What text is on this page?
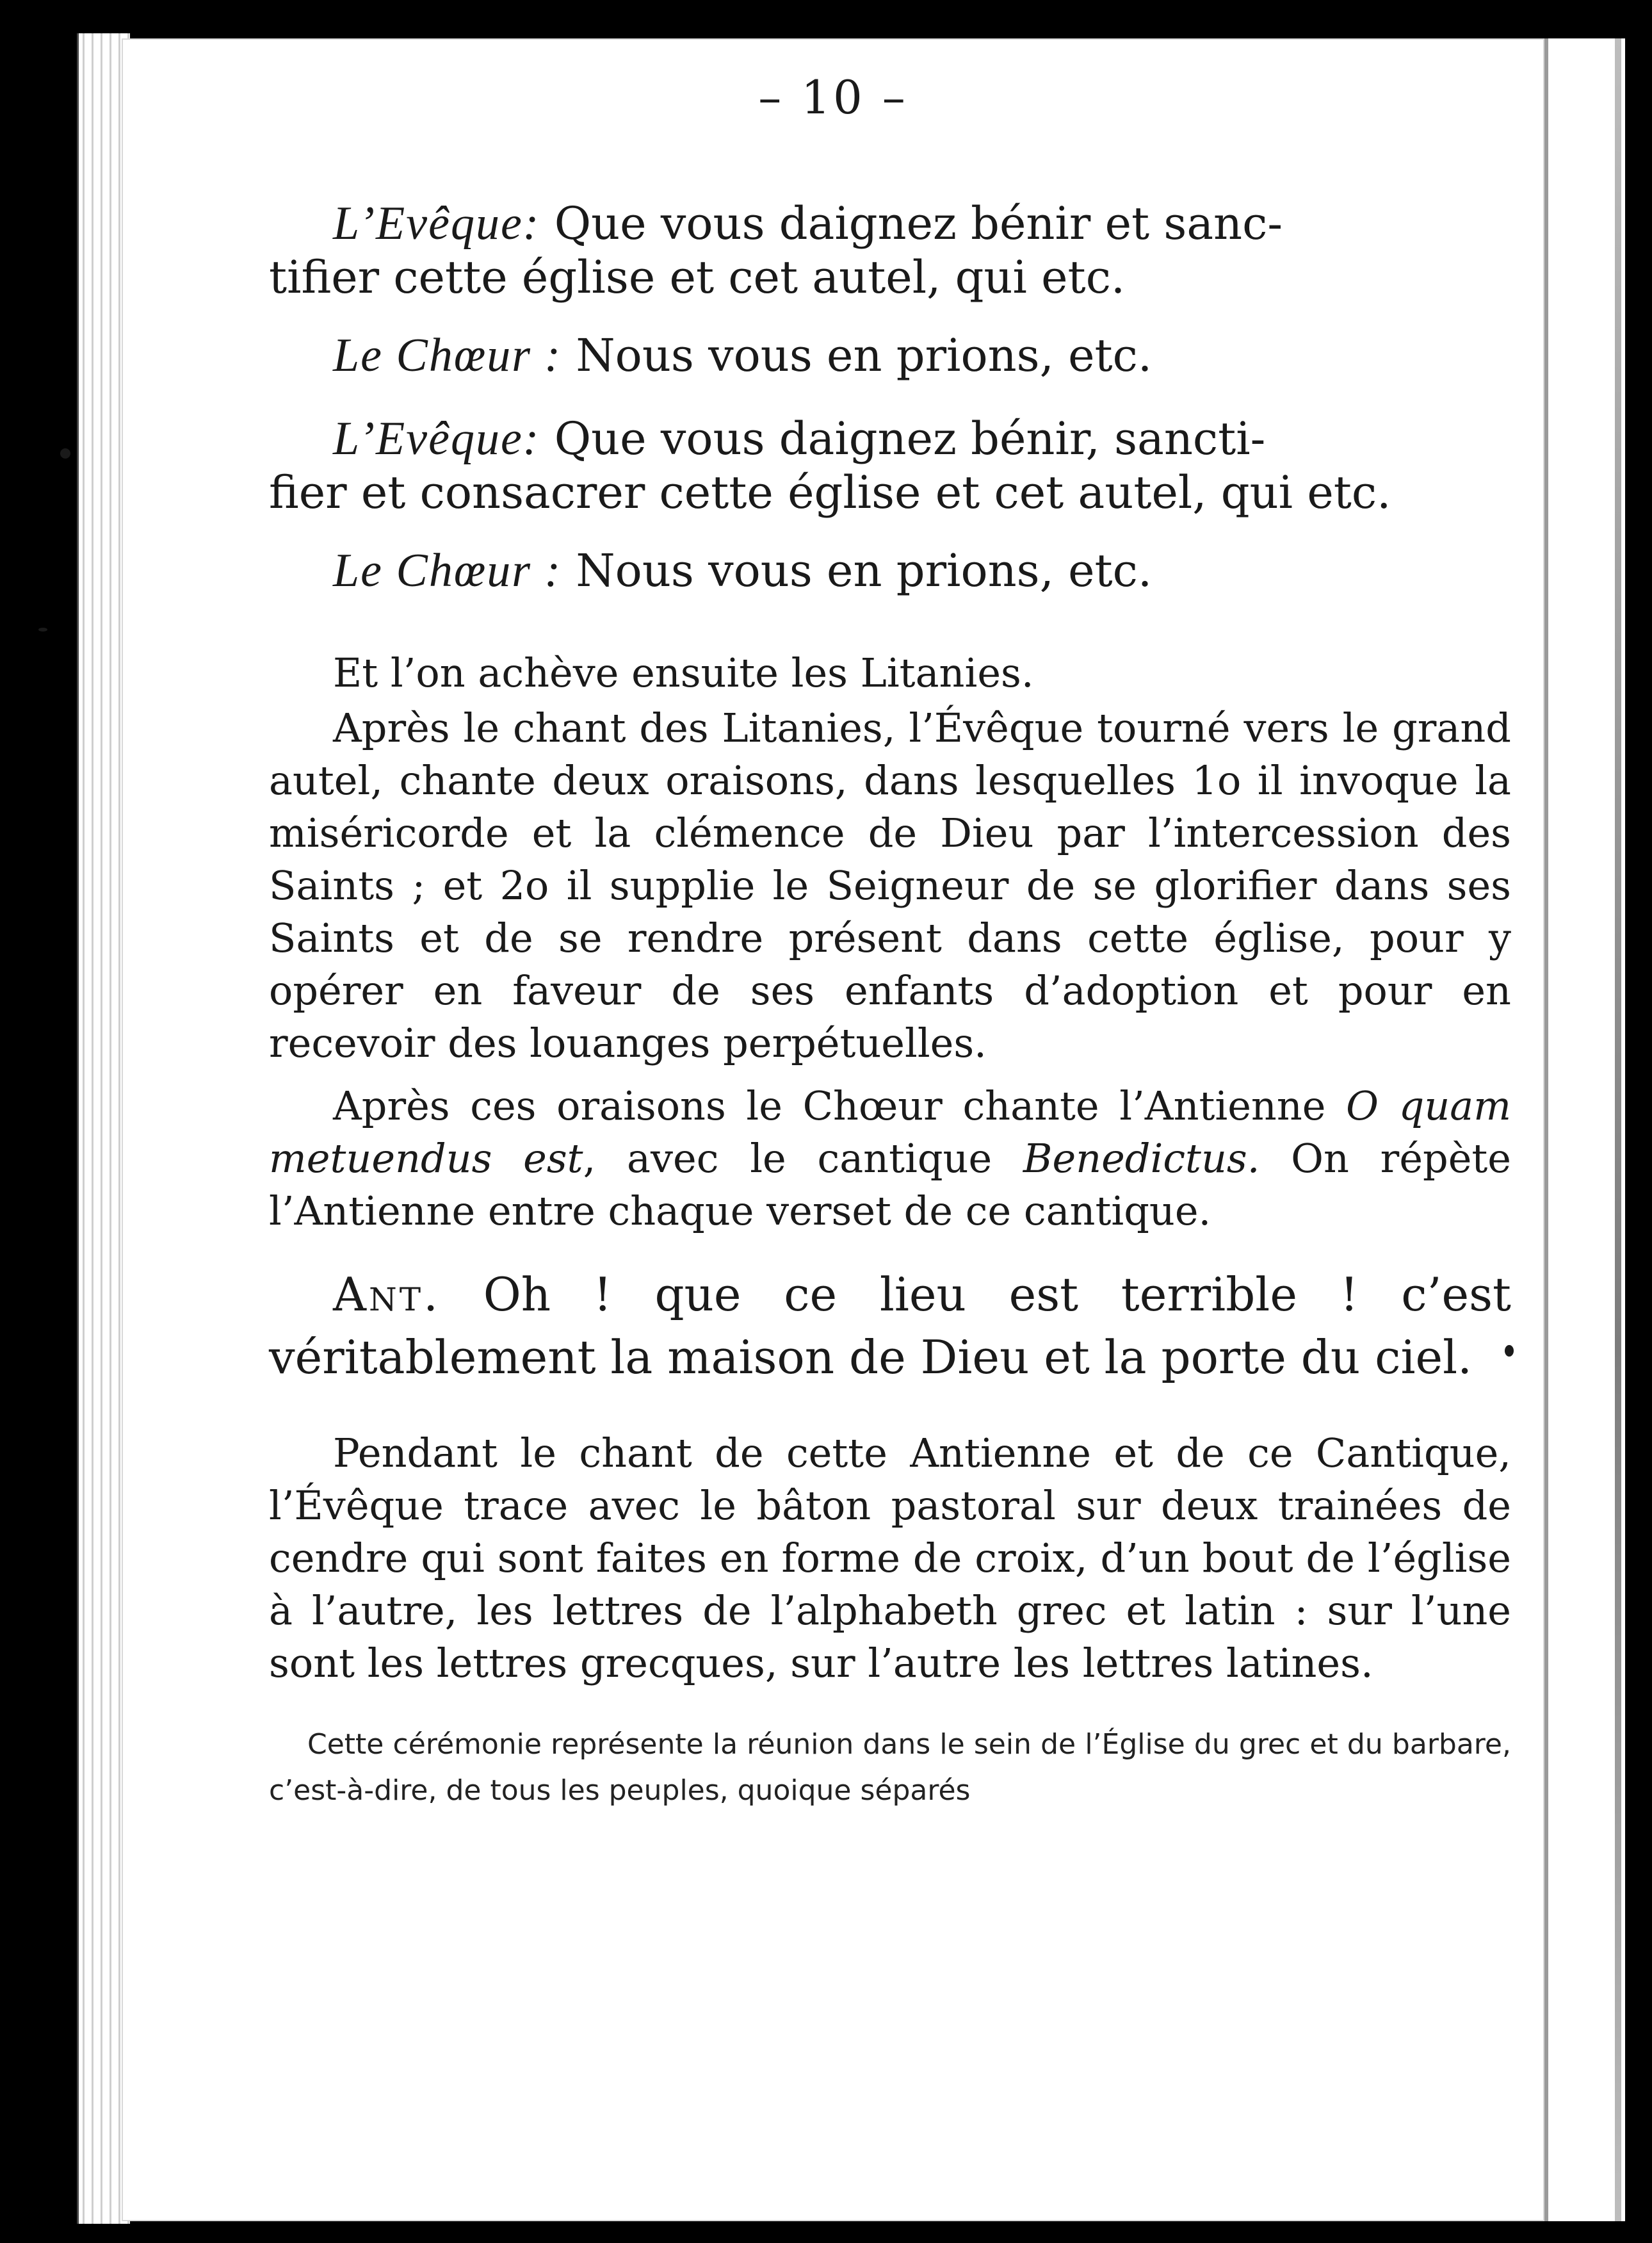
– 10 –
L’Evêque: Que vous daignez bénir et sanc-
tifier cette église et cet autel, qui etc.
Le Chœur : Nous vous en prions, etc.
L’Evêque: Que vous daignez bénir, sancti-
fier et consacrer cette église et cet autel, qui etc.
Le Chœur : Nous vous en prions, etc.

Et l’on achève ensuite les Litanies.

Après le chant des Litanies, l’Évêque tourné vers le grand autel, chante deux oraisons, dans lesquelles 1o il invoque la miséricorde et la clémence de Dieu par l’intercession des Saints ; et 2o il supplie le Seigneur de se glorifier dans ses Saints et de se rendre présent dans cette église, pour y opérer en faveur de ses enfants d’adoption et pour en recevoir des louanges perpétuelles.

Après ces oraisons le Chœur chante l’Antienne O quam metuendus est, avec le cantique Benedictus. On répète l’Antienne entre chaque verset de ce cantique.

Ant. Oh ! que ce lieu est terrible ! c’est véritablement la maison de Dieu et la porte du ciel.

Pendant le chant de cette Antienne et de ce Cantique, l’Évêque trace avec le bâton pastoral sur deux trainées de cendre qui sont faites en forme de croix, d’un bout de l’église à l’autre, les lettres de l’alphabeth grec et latin : sur l’une sont les lettres grecques, sur l’autre les lettres latines.

Cette cérémonie représente la réunion dans le sein de l’Église du grec et du barbare, c’est-à-dire, de tous les peuples, quoique séparés
